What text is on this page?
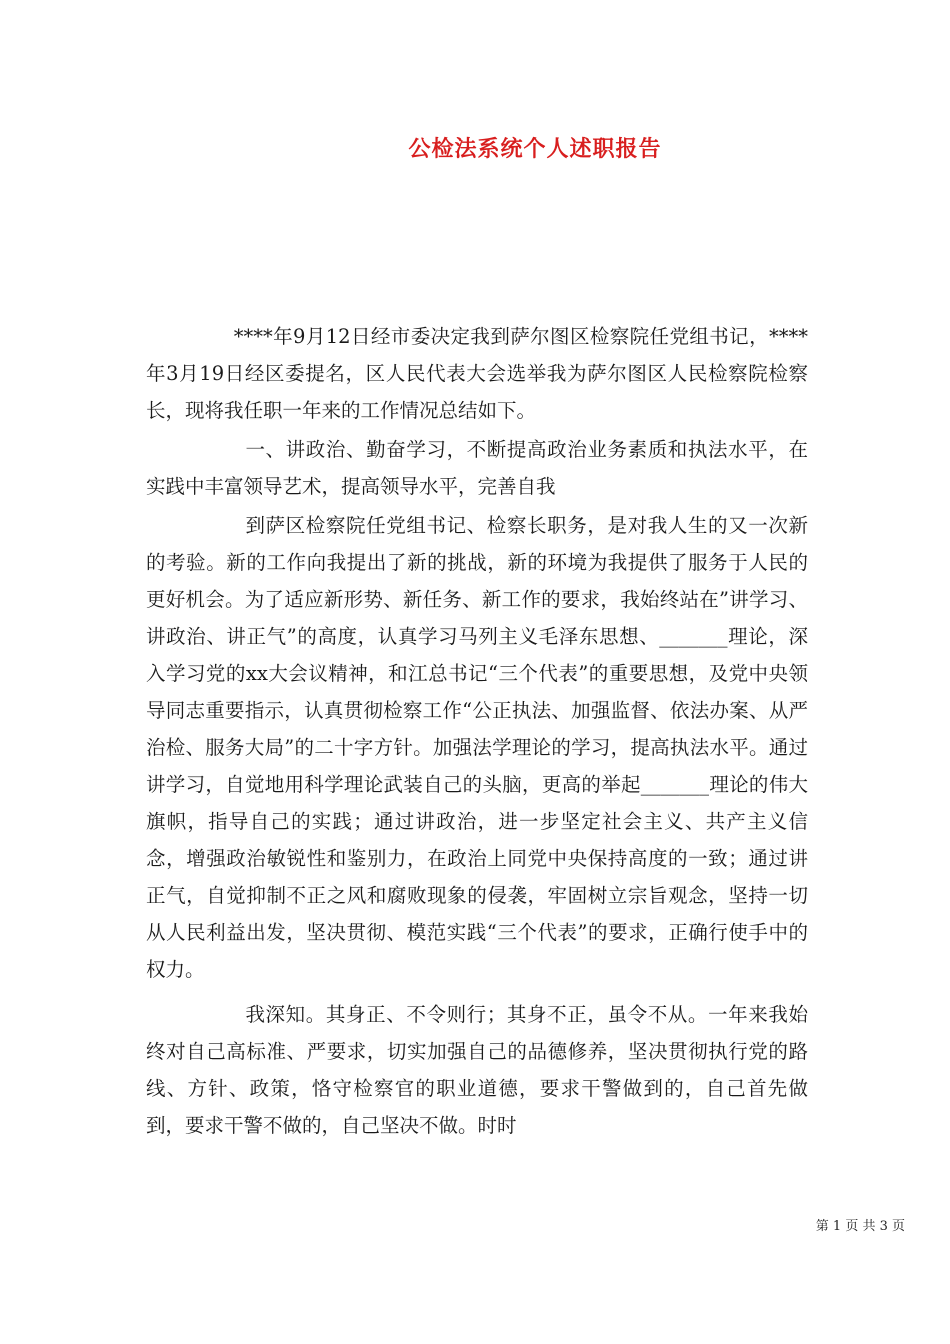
公检法系统个人述职报告

****年9月12日经市委决定我到萨尔图区检察院任党组书记，****年3月19日经区委提名，区人民代表大会选举我为萨尔图区人民检察院检察长，现将我任职一年来的工作情况总结如下。

一、讲政治、勤奋学习，不断提高政治业务素质和执法水平，在实践中丰富领导艺术，提高领导水平，完善自我

到萨区检察院任党组书记、检察长职务，是对我人生的又一次新的考验。新的工作向我提出了新的挑战，新的环境为我提供了服务于人民的更好机会。为了适应新形势、新任务、新工作的要求，我始终站在”讲学习、讲政治、讲正气”的高度，认真学习马列主义毛泽东思想、_______理论，深入学习党的xx大会议精神，和江总书记“三个代表”的重要思想，及党中央领导同志重要指示，认真贯彻检察工作“公正执法、加强监督、依法办案、从严治检、服务大局”的二十字方针。加强法学理论的学习，提高执法水平。通过讲学习，自觉地用科学理论武装自己的头脑，更高的举起_______理论的伟大旗帜，指导自己的实践；通过讲政治，进一步坚定社会主义、共产主义信念，增强政治敏锐性和鉴别力，在政治上同党中央保持高度的一致；通过讲正气，自觉抑制不正之风和腐败现象的侵袭，牢固树立宗旨观念，坚持一切从人民利益出发，坚决贯彻、模范实践“三个代表”的要求，正确行使手中的权力。

我深知。其身正、不令则行；其身不正，虽令不从。一年来我始终对自己高标准、严要求，切实加强自己的品德修养，坚决贯彻执行党的路线、方针、政策，恪守检察官的职业道德，要求干警做到的，自己首先做到，要求干警不做的，自己坚决不做。时时

第 1 页 共 3 页
